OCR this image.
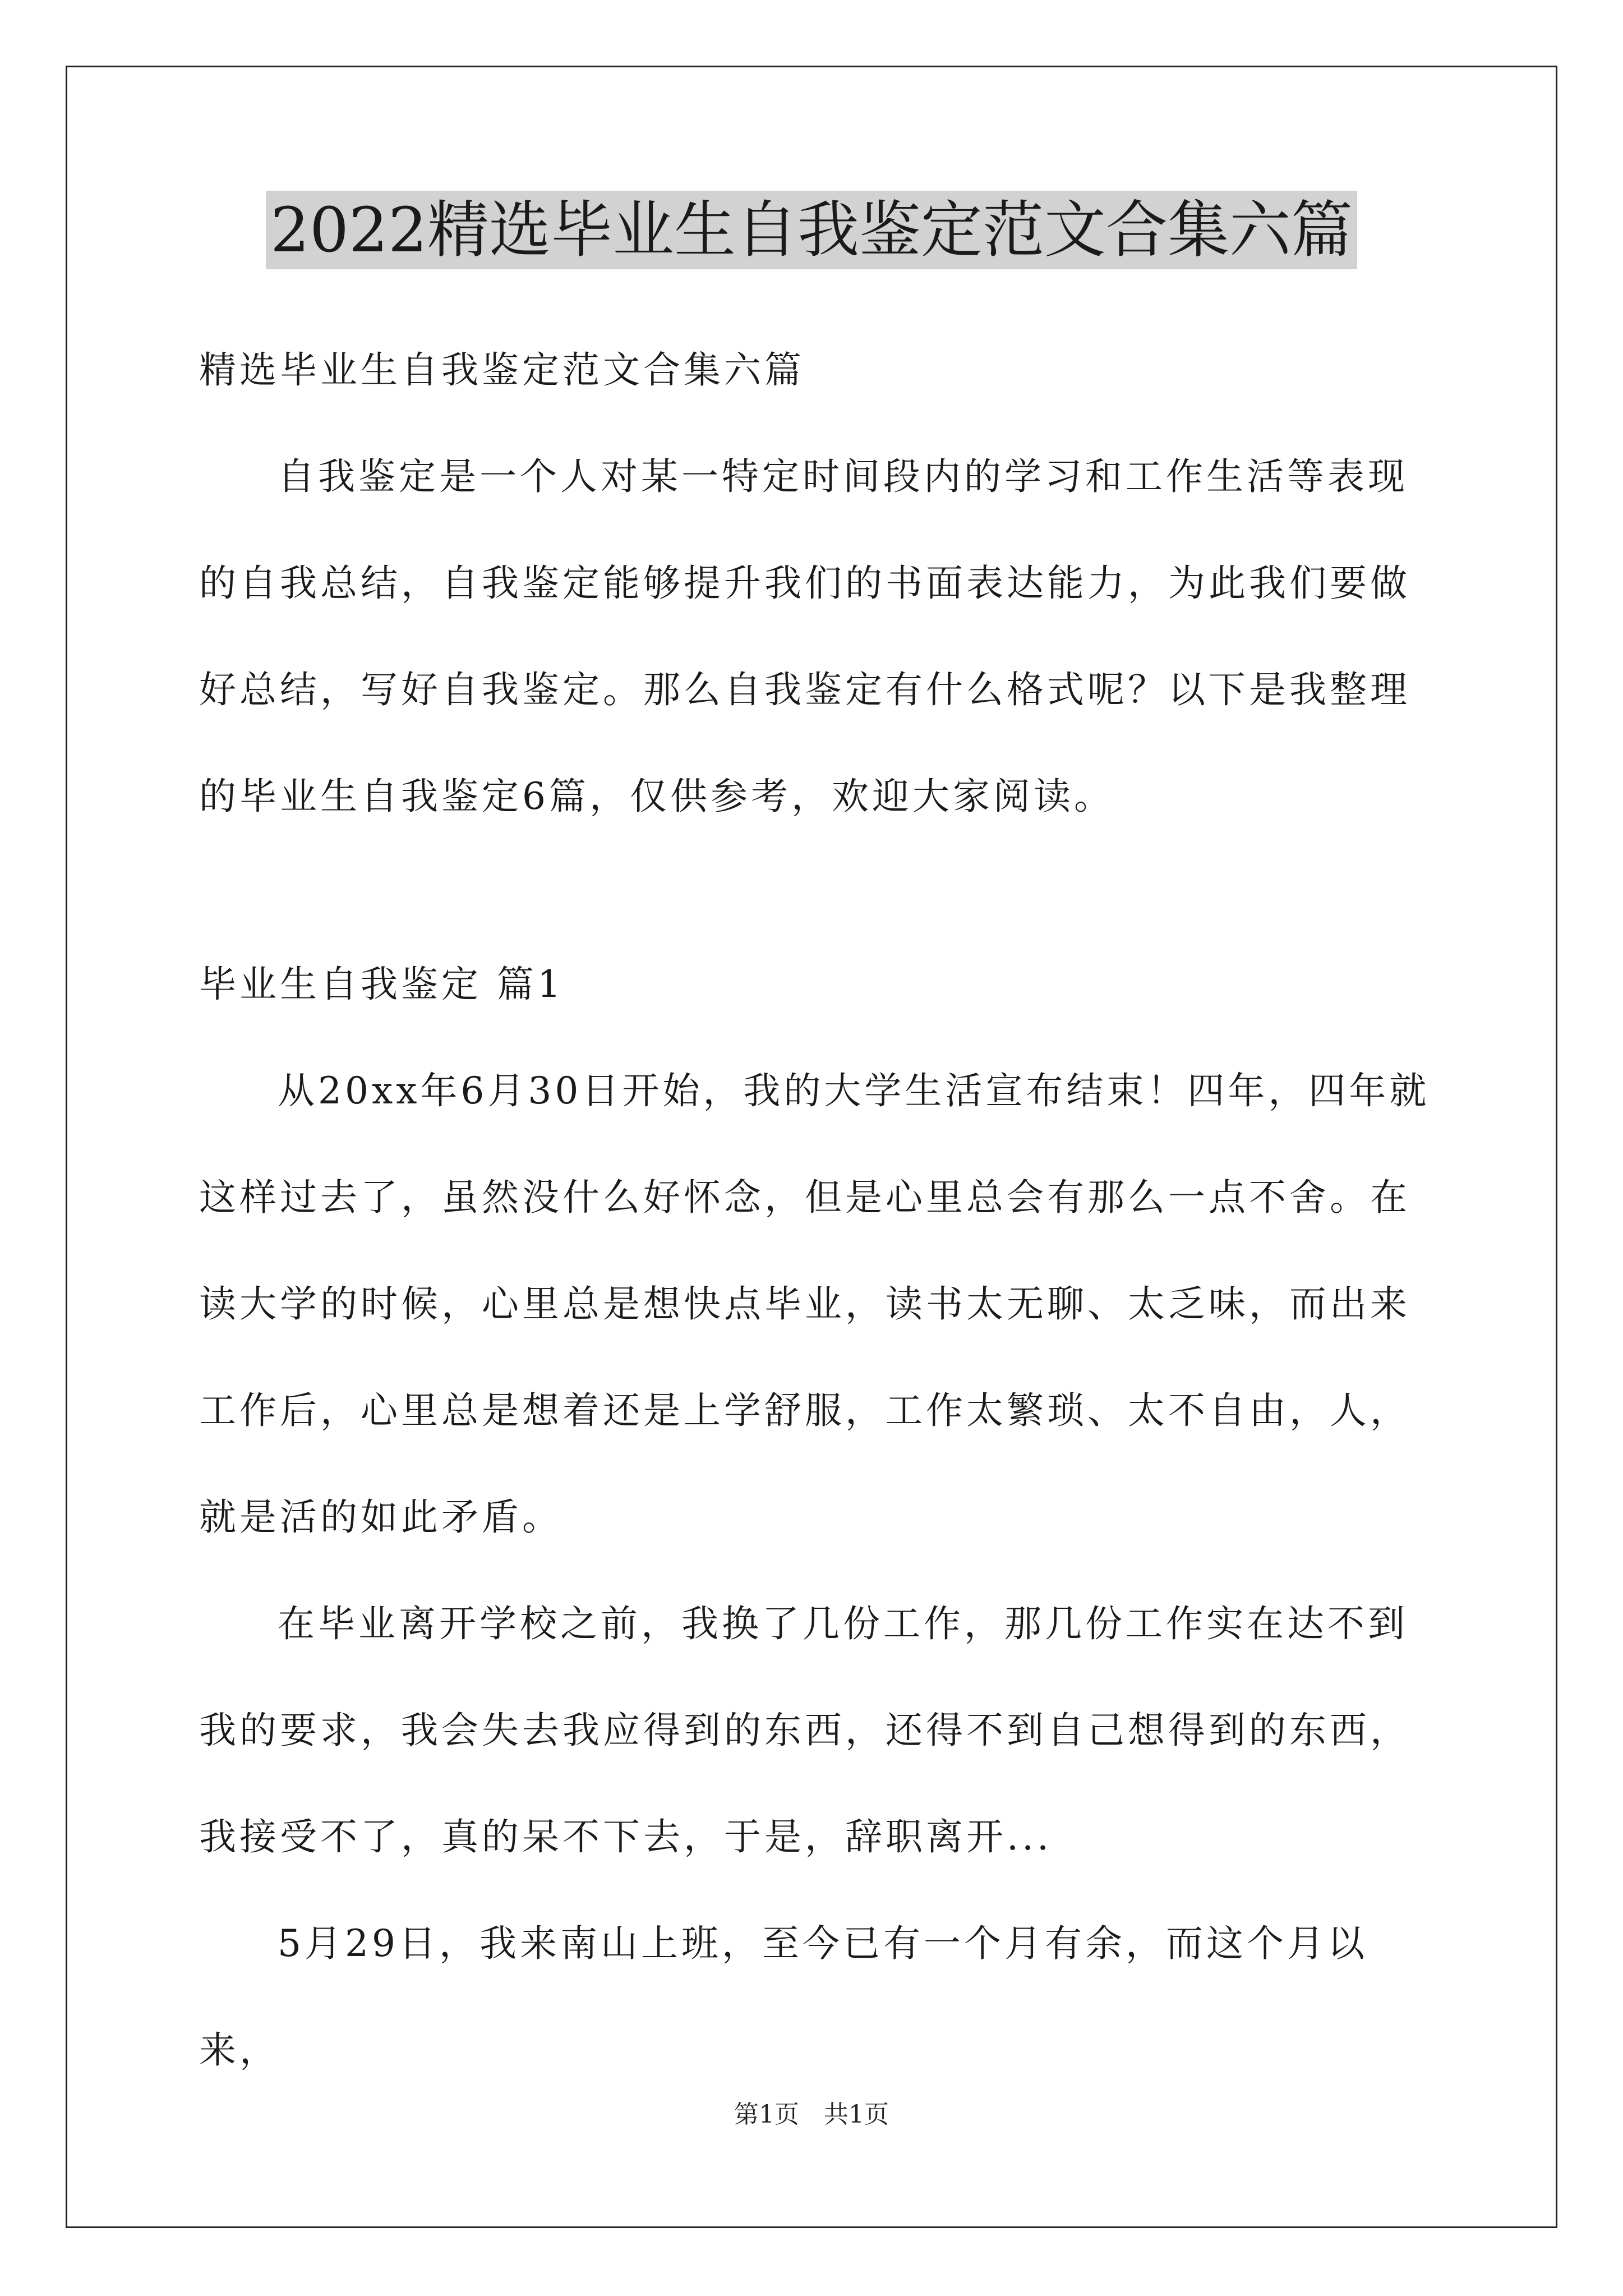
2022精选毕业生自我鉴定范文合集六篇

精选毕业生自我鉴定范文合集六篇

自我鉴定是一个人对某一特定时间段内的学习和工作生活等表现的自我总结，自我鉴定能够提升我们的书面表达能力，为此我们要做好总结，写好自我鉴定。那么自我鉴定有什么格式呢？以下是我整理的毕业生自我鉴定6篇，仅供参考，欢迎大家阅读。

毕业生自我鉴定 篇1

从20xx年6月30日开始，我的大学生活宣布结束！四年，四年就这样过去了，虽然没什么好怀念，但是心里总会有那么一点不舍。在读大学的时候，心里总是想快点毕业，读书太无聊、太乏味，而出来工作后，心里总是想着还是上学舒服，工作太繁琐、太不自由，人，就是活的如此矛盾。

在毕业离开学校之前，我换了几份工作，那几份工作实在达不到我的要求，我会失去我应得到的东西，还得不到自己想得到的东西，我接受不了，真的呆不下去，于是，辞职离开...

5月29日，我来南山上班，至今已有一个月有余，而这个月以来，

第1页　共1页
